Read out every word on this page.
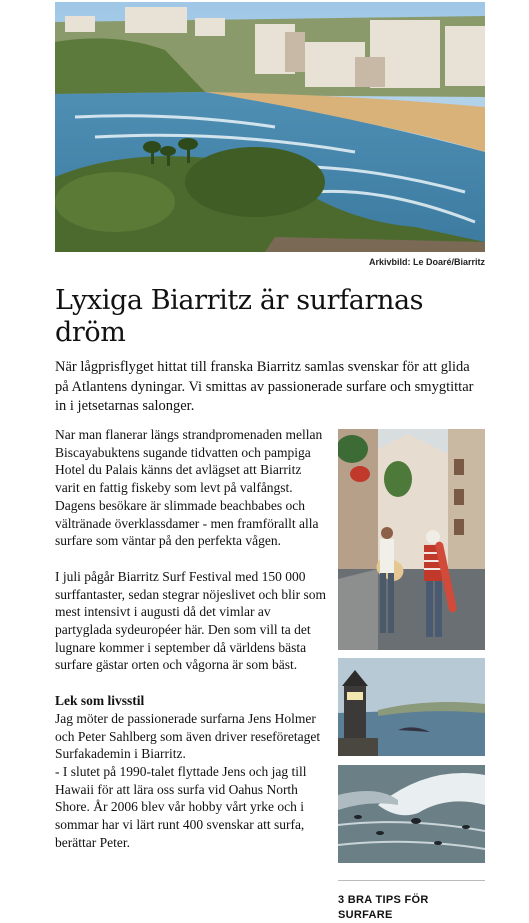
Arkivbild: Le Doaré/Biarritz
Lyxiga Biarritz är surfarnas dröm

När lågprisflyget hittat till franska Biarritz samlas svenskar för att glida på Atlantens dyningar. Vi smittas av passionerade surfare och smygtittar in i jetsetarnas salonger.

Nar man flanerar längs strandpromenaden mellan Biscayabuktens sugande tidvatten och pampiga Hotel du Palais känns det avlägset att Biarritz varit en fattig fiskeby som levt på valfångst. Dagens besökare är slimmade beachbabes och vältränade överklassdamer - men framförallt alla surfare som väntar på den perfekta vågen.

I juli pågår Biarritz Surf Festival med 150 000 surffantaster, sedan stegrar nöjeslivet och blir som mest intensivt i augusti då det vimlar av partyglada sydeuropéer här. Den som vill ta det lugnare kommer i september då världens bästa surfare gästar orten och vågorna är som bäst.

Lek som livsstil
Jag möter de passionerade surfarna Jens Holmer och Peter Sahlberg som även driver reseföretaget Surfakademin i Biarritz.

- I slutet på 1990-talet flyttade Jens och jag till Hawaii för att lära oss surfa vid Oahus North Shore. År 2006 blev vår hobby vårt yrke och i sommar har vi lärt runt 400 svenskar att surfa, berättar Peter.

3 BRA TIPS FÖR SURFARE
